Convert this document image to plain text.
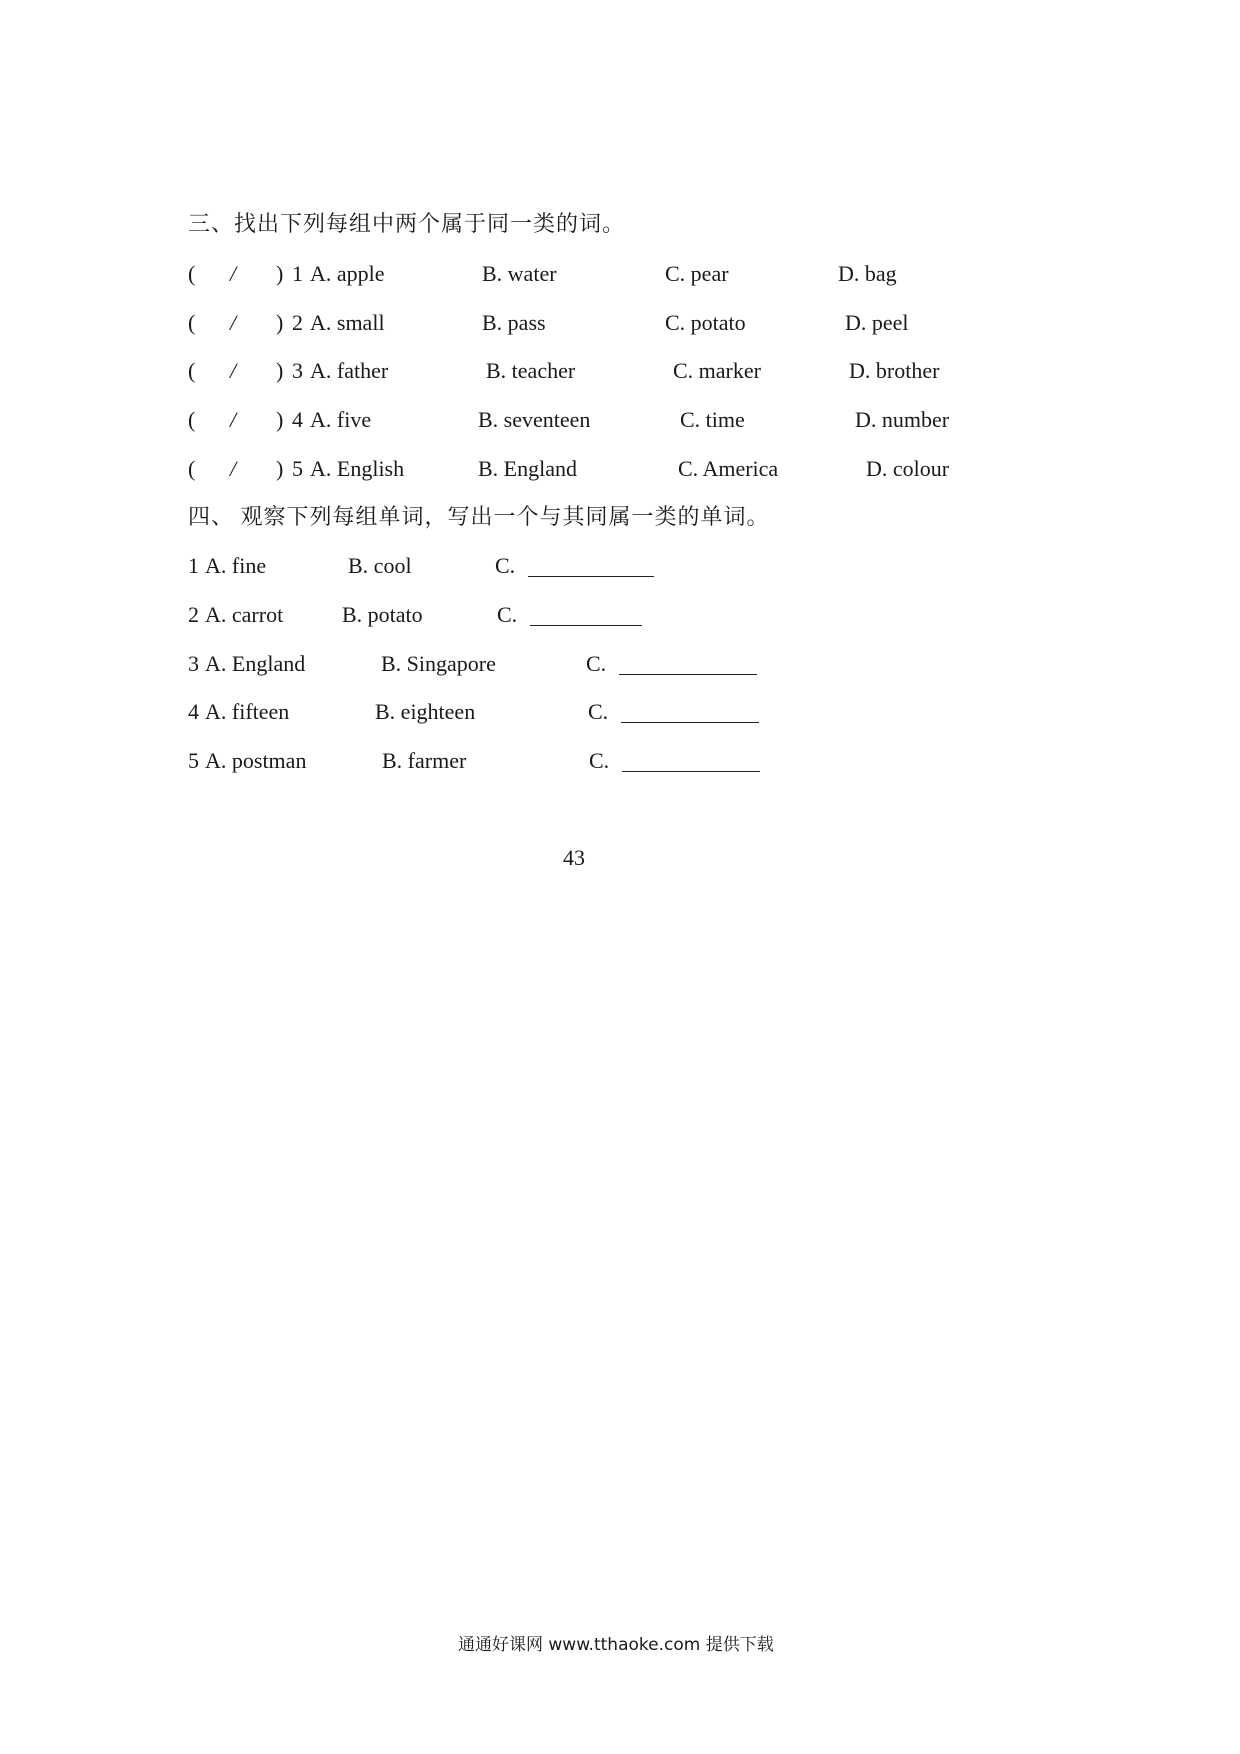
三、找出下列每组中两个属于同一类的词。
( / ) 1 A. apple	B. water	C. pear	D. bag
( / ) 2 A. small	B. pass	C. potato	D. peel
( / ) 3 A. father	B. teacher	C. marker	D. brother
( / ) 4 A. five	B. seventeen	C. time	D. number
( / ) 5 A. English	B. England	C. America	D. colour
四、 观察下列每组单词，写出一个与其同属一类的单词。
1 A. fine	B. cool	C.
2 A. carrot	B. potato	C.
3 A. England	B. Singapore	C.
4 A. fifteen	B. eighteen	C.
5 A. postman	B. farmer	C.
43
通通好课网 www.tthaoke.com 提供下载
